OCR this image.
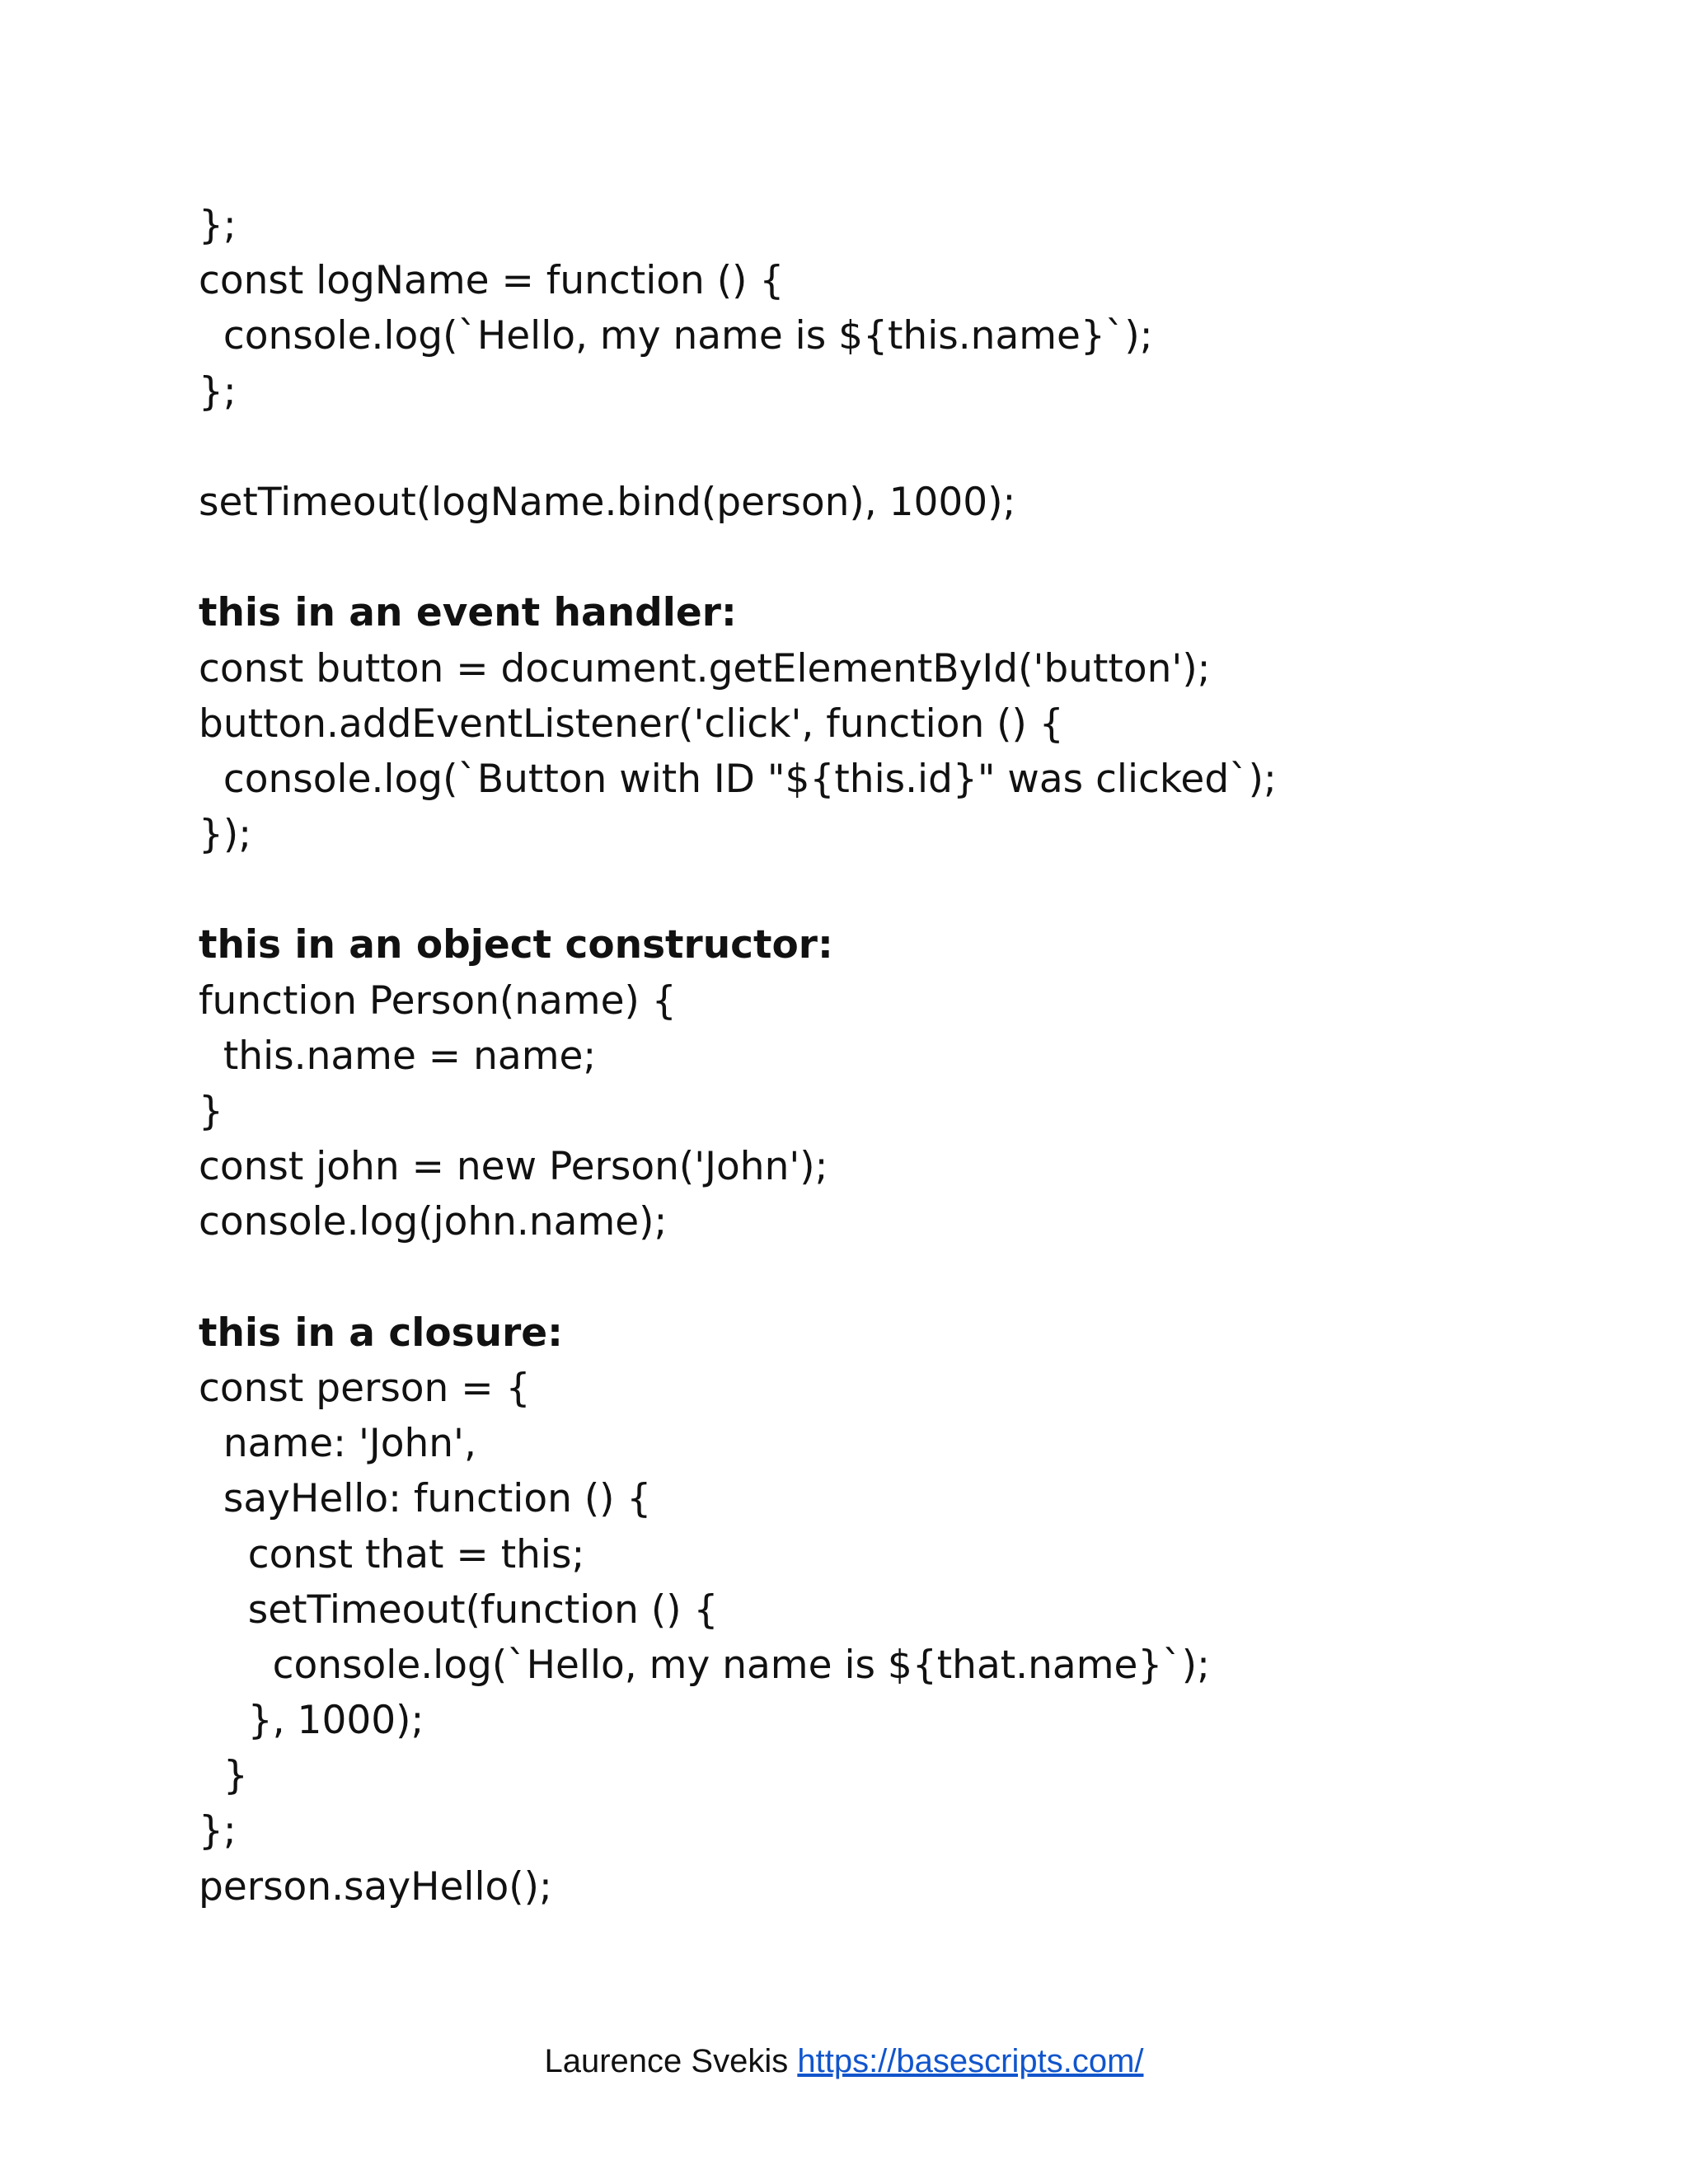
};
const logName = function () {
console.log(`Hello, my name is ${this.name}`);
};
setTimeout(logName.bind(person), 1000);
this in an event handler:
const button = document.getElementById('button');
button.addEventListener('click', function () {
console.log(`Button with ID "${this.id}" was clicked`);
});
this in an object constructor:
function Person(name) {
this.name = name;
}
const john = new Person('John');
console.log(john.name);
this in a closure:
const person = {
name: 'John',
sayHello: function () {
const that = this;
setTimeout(function () {
console.log(`Hello, my name is ${that.name}`);
}, 1000);
}
};
person.sayHello();
Laurence Svekis https://basescripts.com/
